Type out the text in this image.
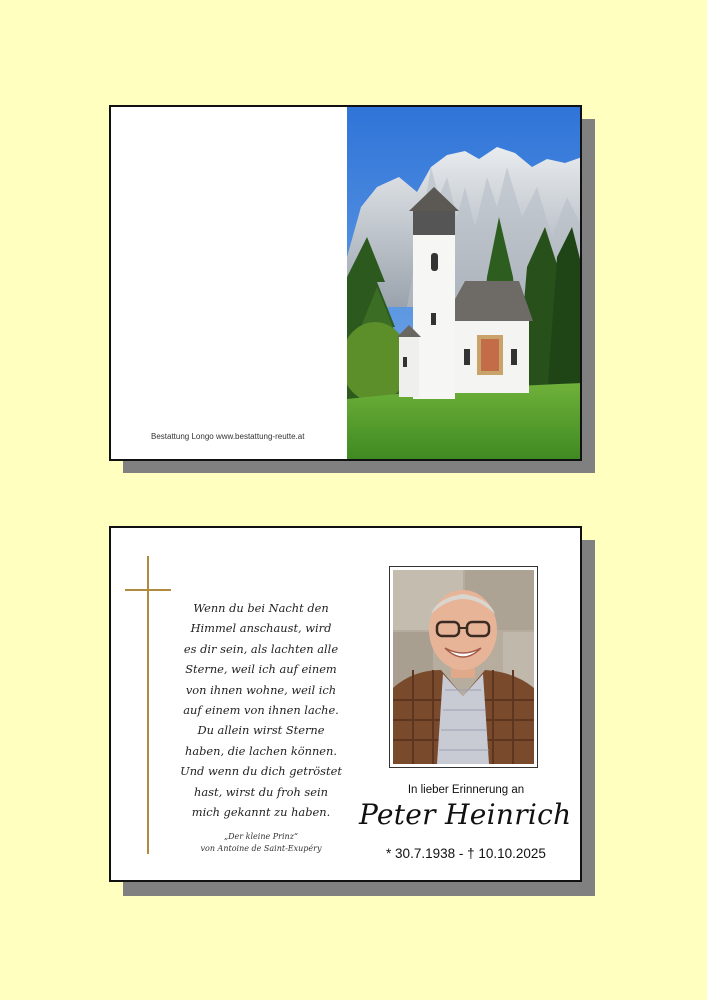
Bestattung Longo www.bestattung-reutte.at
Wenn du bei Nacht den
Himmel anschaust, wird
es dir sein, als lachten alle
Sterne, weil ich auf einem
von ihnen wohne, weil ich
auf einem von ihnen lache.
Du allein wirst Sterne
haben, die lachen können.
Und wenn du dich getröstet
hast, wirst du froh sein
mich gekannt zu haben.
„Der kleine Prinz“
von Antoine de Saint-Exupéry
In lieber Erinnerung an
Peter Heinrich
* 30.7.1938 - † 10.10.2025
